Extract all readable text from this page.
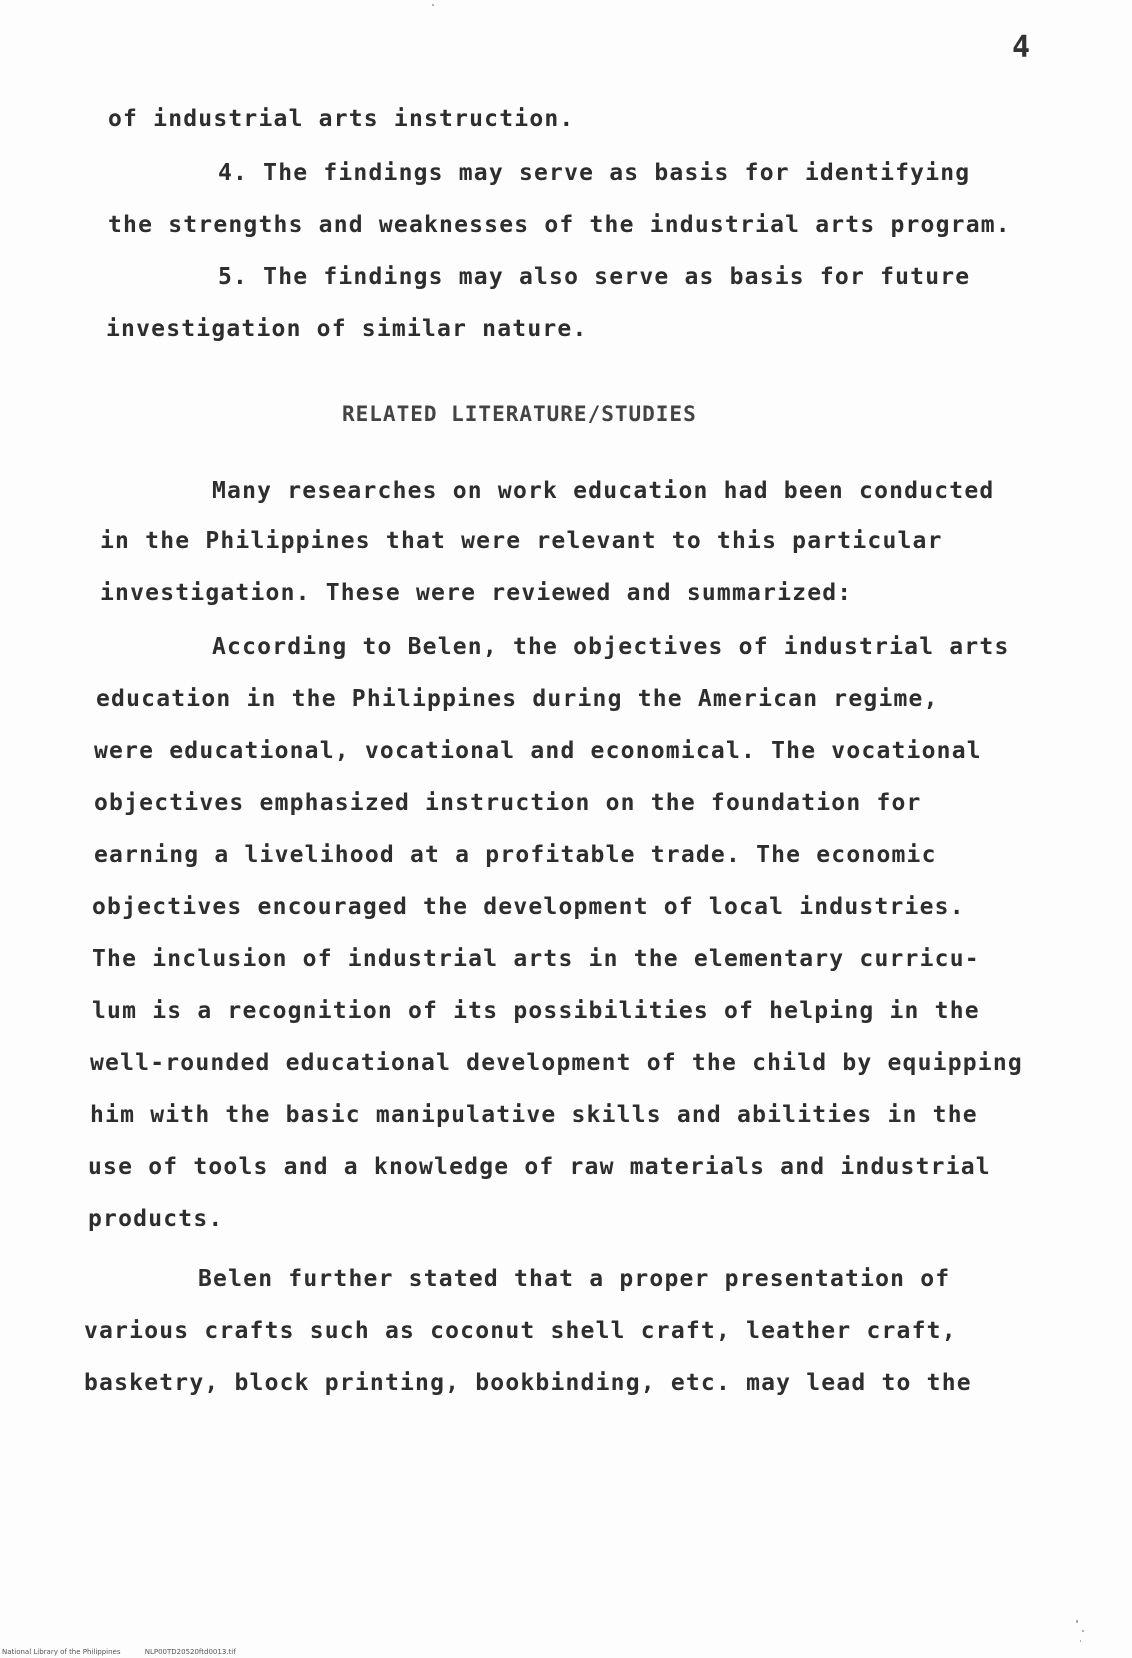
4
of industrial arts instruction.
4. The findings may serve as basis for identifying
the strengths and weaknesses of the industrial arts program.
5. The findings may also serve as basis for future
investigation of similar nature.
RELATED LITERATURE/STUDIES
Many researches on work education had been conducted
in the Philippines that were relevant to this particular
investigation. These were reviewed and summarized:
According to Belen, the objectives of industrial arts
education in the Philippines during the American regime,
were educational, vocational and economical. The vocational
objectives emphasized instruction on the foundation for
earning a livelihood at a profitable trade. The economic
objectives encouraged the development of local industries.
The inclusion of industrial arts in the elementary curricu-
lum is a recognition of its possibilities of helping in the
well-rounded educational development of the child by equipping
him with the basic manipulative skills and abilities in the
use of tools and a knowledge of raw materials and industrial
products.
Belen further stated that a proper presentation of
various crafts such as coconut shell craft, leather craft,
basketry, block printing, bookbinding, etc. may lead to the
National Library of the Philippines	NLP00TD20520ftd0013.tif
